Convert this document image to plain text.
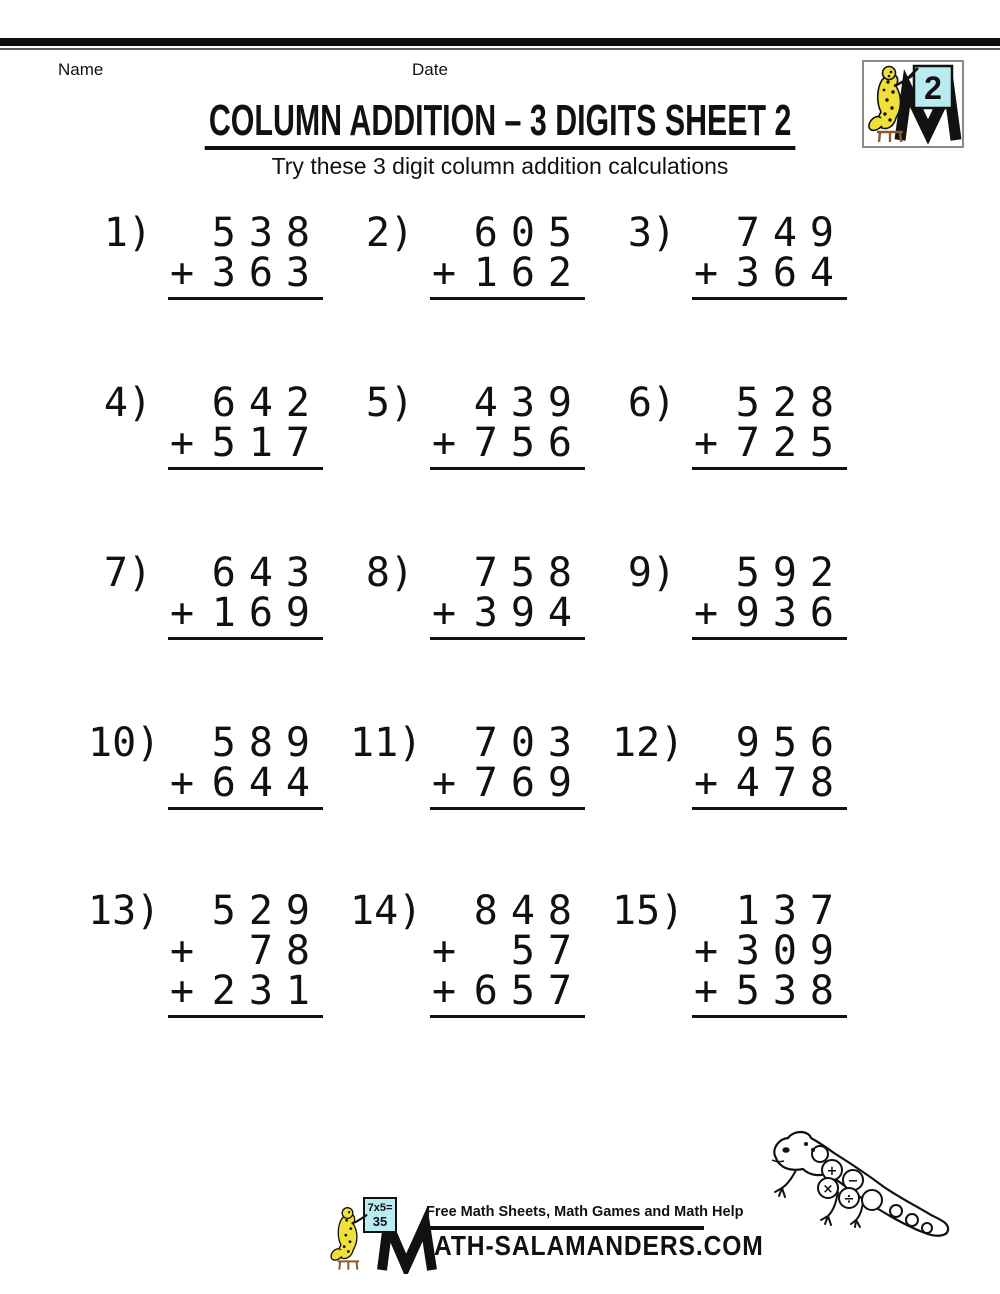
Name	Date
2
COLUMN ADDITION – 3 DIGITS SHEET 2
Try these 3 digit column addition calculations
1) 538
+ 363
2) 605
+ 162
3) 749
+ 364
4) 642
+ 517
5) 439
+ 756
6) 528
+ 725
7) 643
+ 169
8) 758
+ 394
9) 592
+ 936
10) 589
+ 644
11) 703
+ 769
12) 956
+ 478
13) 529
+ 78
+ 231
14) 848
+ 57
+ 657
15) 137
+ 309
+ 538
+
−
×
÷
7x5=
35
Free Math Sheets, Math Games and Math Help
ATH-SALAMANDERS.COM
